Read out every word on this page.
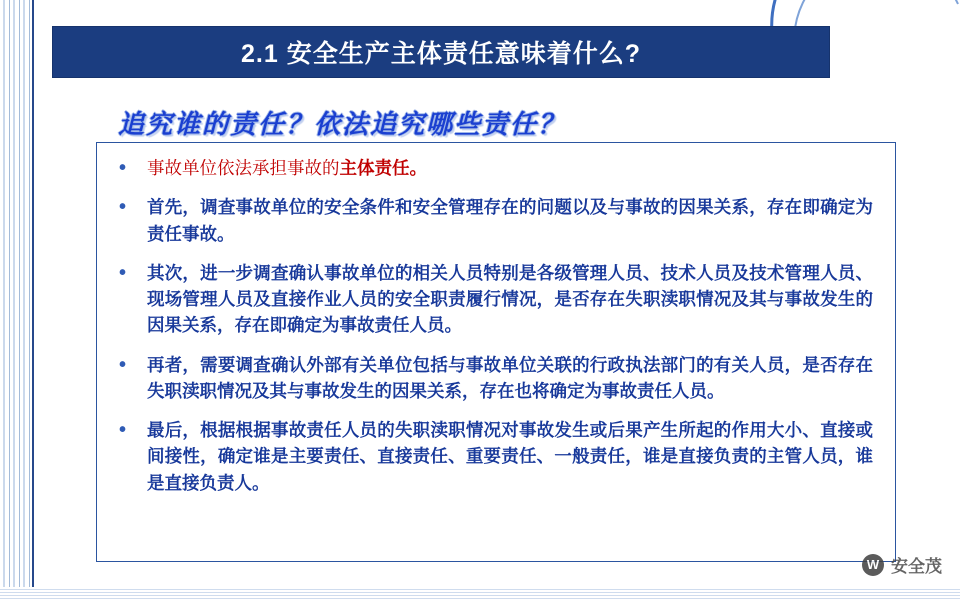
2.1 安全生产主体责任意味着什么?
追究谁的责任？依法追究哪些责任？
• 事故单位依法承担事故的主体责任。
• 首先，调查事故单位的安全条件和安全管理存在的问题以及与事故的因果关系，存在即确定为责任事故。
• 其次，进一步调查确认事故单位的相关人员特别是各级管理人员、技术人员及技术管理人员、现场管理人员及直接作业人员的安全职责履行情况，是否存在失职渎职情况及其与事故发生的因果关系，存在即确定为事故责任人员。
• 再者，需要调查确认外部有关单位包括与事故单位关联的行政执法部门的有关人员，是否存在失职渎职情况及其与事故发生的因果关系，存在也将确定为事故责任人员。
• 最后，根据根据事故责任人员的失职渎职情况对事故发生或后果产生所起的作用大小、直接或间接性，确定谁是主要责任、直接责任、重要责任、一般责任，谁是直接负责的主管人员，谁是直接负责人。
W 安全茂
